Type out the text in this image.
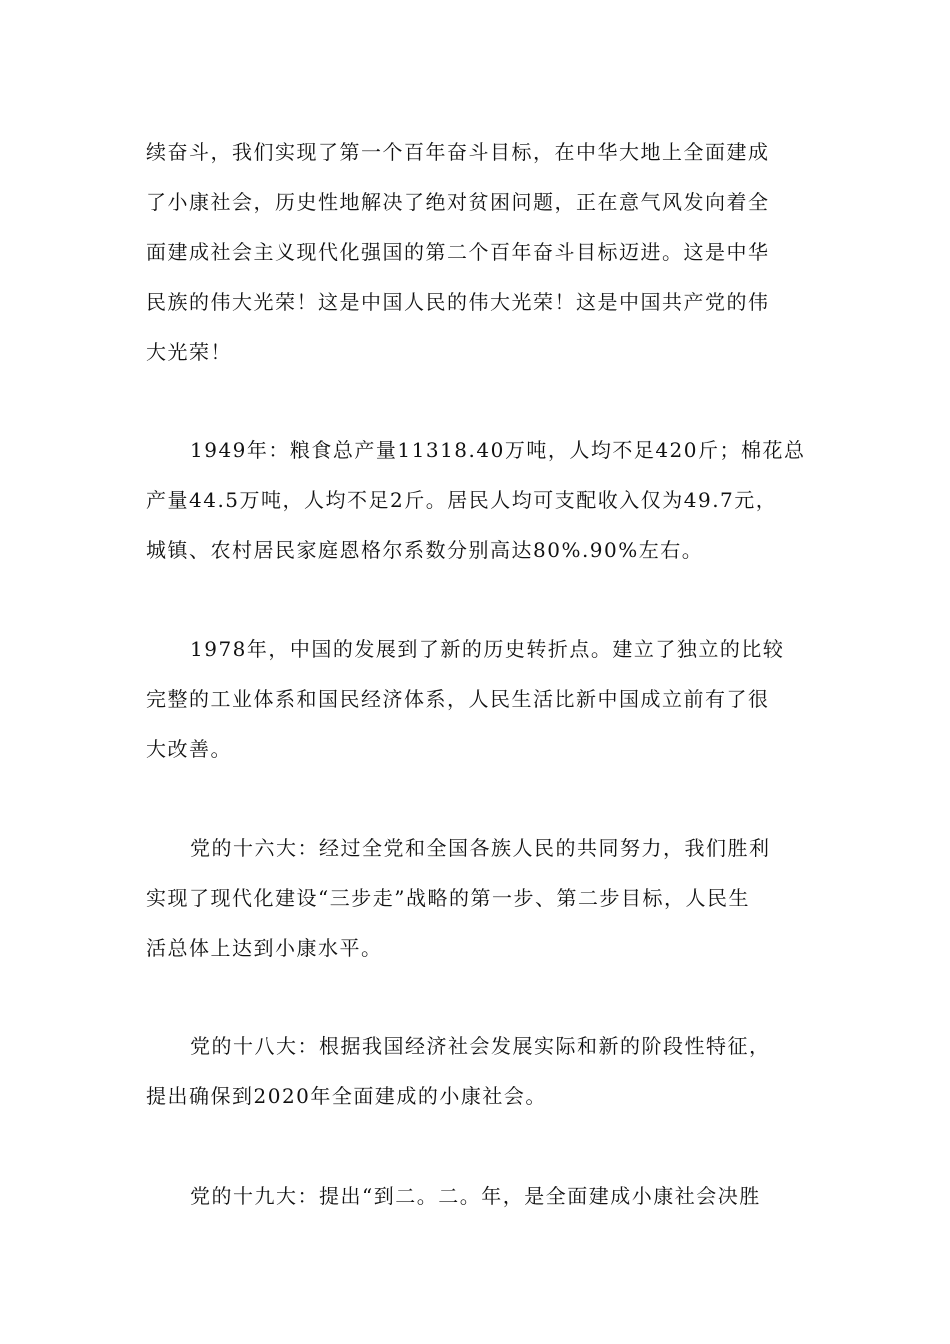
续奋斗，我们实现了第一个百年奋斗目标，在中华大地上全面建成
了小康社会，历史性地解决了绝对贫困问题，正在意气风发向着全
面建成社会主义现代化强国的第二个百年奋斗目标迈进。这是中华
民族的伟大光荣！这是中国人民的伟大光荣！这是中国共产党的伟
大光荣！

1949年：粮食总产量11318.40万吨，人均不足420斤；棉花总
产量44.5万吨，人均不足2斤。居民人均可支配收入仅为49.7元，
城镇、农村居民家庭恩格尔系数分别高达80%.90%左右。

1978年，中国的发展到了新的历史转折点。建立了独立的比较
完整的工业体系和国民经济体系，人民生活比新中国成立前有了很
大改善。

党的十六大：经过全党和全国各族人民的共同努力，我们胜利
实现了现代化建设“三步走”战略的第一步、第二步目标，人民生
活总体上达到小康水平。

党的十八大：根据我国经济社会发展实际和新的阶段性特征，
提出确保到2020年全面建成的小康社会。

党的十九大：提出“到二。二。年，是全面建成小康社会决胜
